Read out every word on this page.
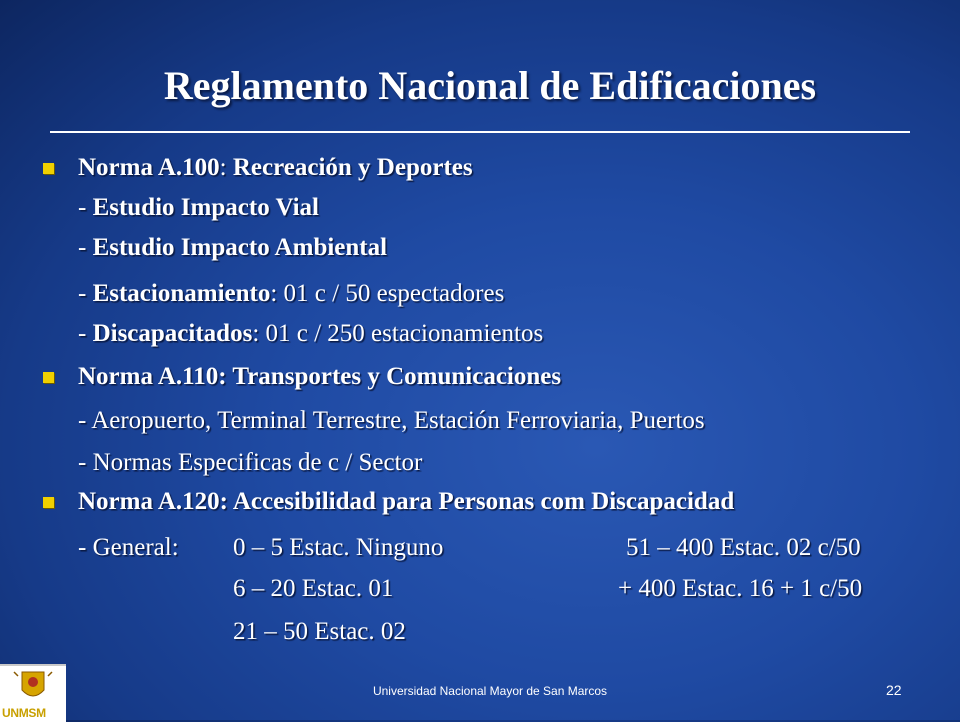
Reglamento Nacional de Edificaciones
Norma A.100: Recreación y Deportes
- Estudio Impacto Vial
- Estudio Impacto Ambiental
- Estacionamiento: 01 c / 50 espectadores
- Discapacitados: 01 c / 250 estacionamientos
Norma A.110: Transportes y Comunicaciones
- Aeropuerto, Terminal Terrestre, Estación Ferroviaria, Puertos
- Normas Especificas de c / Sector
Norma A.120: Accesibilidad para Personas com Discapacidad
- General: 0 – 5 Estac. Ninguno	51 – 400 Estac. 02 c/50
6 – 20 Estac. 01	+ 400 Estac. 16 + 1 c/50
21 – 50 Estac. 02
UNMSM
Universidad Nacional Mayor de San Marcos	22
